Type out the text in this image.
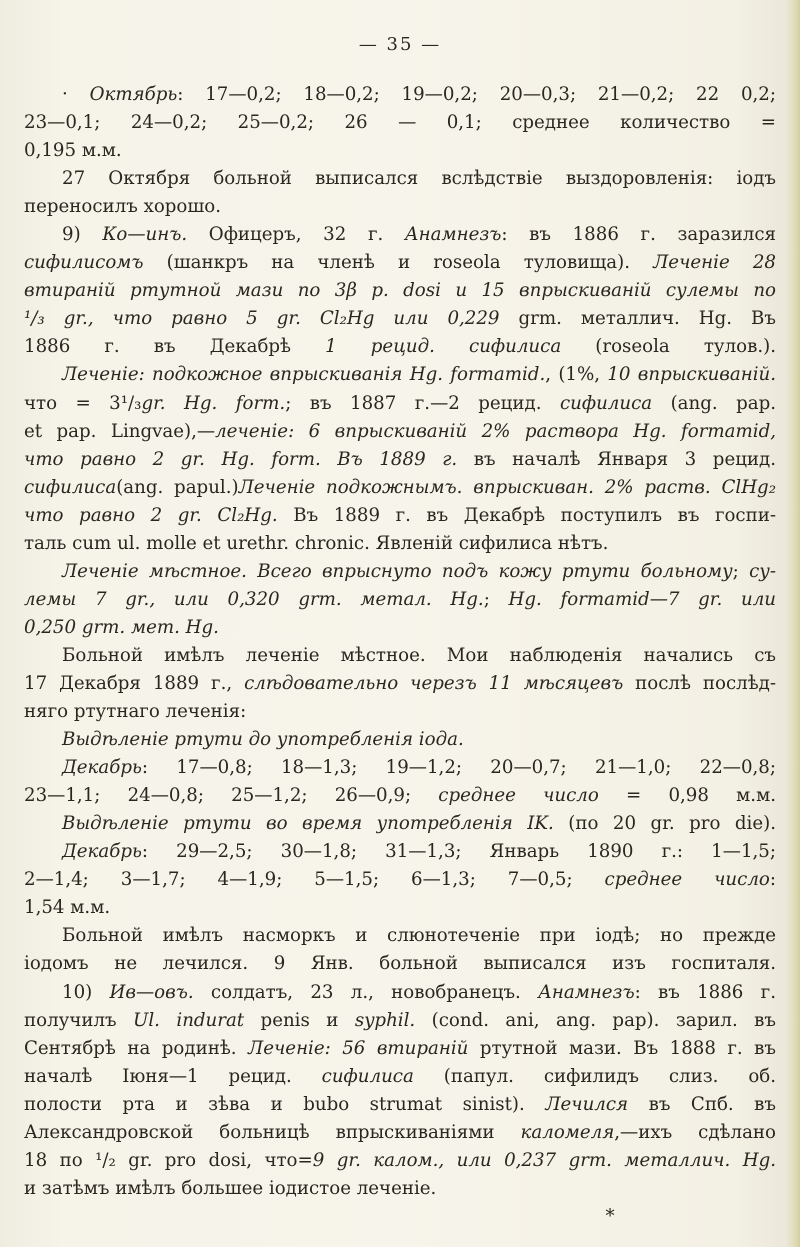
— 35 —
· Октябрь: 17—0,2; 18—0,2; 19—0,2; 20—0,3; 21—0,2; 22 0,2;
23—0,1; 24—0,2; 25—0,2; 26 — 0,1; среднее количество =
0,195 м.м.
27 Октября больной выписался вслѣдствіе выздоровленія: іодъ
переносилъ хорошо.
9) Ко—инъ. Офицеръ, 32 г. Анамнезъ: въ 1886 г. заразился
сифилисомъ (шанкръ на членѣ и roseola туловища). Леченіе 28
втираній ртутной мази по 3β р. dosi и 15 впрыскиваній сулемы по
¹/₃ gr., что равно 5 gr. Cl₂Hg или 0,229 grm. металлич. Hg. Въ
1886 г. въ Декабрѣ 1 рецид. сифилиса (roseola тулов.).
Леченіе: подкожное впрыскиванія Hg. formamid., (1%, 10 впрыскиваній.
что = 3¹/₃gr. Hg. form.; въ 1887 г.—2 рецид. сифилиса (ang. pap.
et pap. Lingvae),—леченіе: 6 впрыскиваній 2% раствора Hg. formamid,
что равно 2 gr. Hg. form. Въ 1889 г. въ началѣ Января 3 рецид.
сифилиса(ang. papul.)Леченіе подкожнымъ. впрыскиван. 2% раств. ClHg₂
что равно 2 gr. Cl₂Hg. Въ 1889 г. въ Декабрѣ поступилъ въ госпи-
таль cum ul. molle et urethr. chronic. Явленій сифилиса нѣтъ.
Леченіе мѣстное. Всего впрыснуто подъ кожу ртути больному; су-
лемы 7 gr., или 0,320 grm. метал. Hg.; Hg. formamid—7 gr. или
0,250 grm. мет. Hg.
Больной имѣлъ леченіе мѣстное. Мои наблюденія начались съ
17 Декабря 1889 г., слѣдовательно черезъ 11 мѣсяцевъ послѣ послѣд-
няго ртутнаго леченія:
Выдѣленіе ртути до употребленія іода.
Декабрь: 17—0,8; 18—1,3; 19—1,2; 20—0,7; 21—1,0; 22—0,8;
23—1,1; 24—0,8; 25—1,2; 26—0,9; среднее число = 0,98 м.м.
Выдѣленіе ртути во время употребленія IK. (по 20 gr. pro die).
Декабрь: 29—2,5; 30—1,8; 31—1,3; Январь 1890 г.: 1—1,5;
2—1,4; 3—1,7; 4—1,9; 5—1,5; 6—1,3; 7—0,5; среднее число:
1,54 м.м.
Больной имѣлъ насморкъ и слюнотеченіе при іодѣ; но прежде
іодомъ не лечился. 9 Янв. больной выписался изъ госпиталя.
10) Ив—овъ. солдатъ, 23 л., новобранецъ. Анамнезъ: въ 1886 г.
получилъ Ul. indurat penis и syphil. (cond. ani, ang. pap). зарил. въ
Сентябрѣ на родинѣ. Леченіе: 56 втираній ртутной мази. Въ 1888 г. въ
началѣ Іюня—1 рецид. сифилиса (папул. сифилидъ слиз. об.
полости рта и зѣва и bubo strumat sinist). Лечился въ Спб. въ
Александровской больницѣ впрыскиваніями каломеля,—ихъ сдѣлано
18 по ¹/₂ gr. pro dosi, что=9 gr. калом., или 0,237 grm. металлич. Hg.
и затѣмъ имѣлъ большее іодистое леченіе.
*
